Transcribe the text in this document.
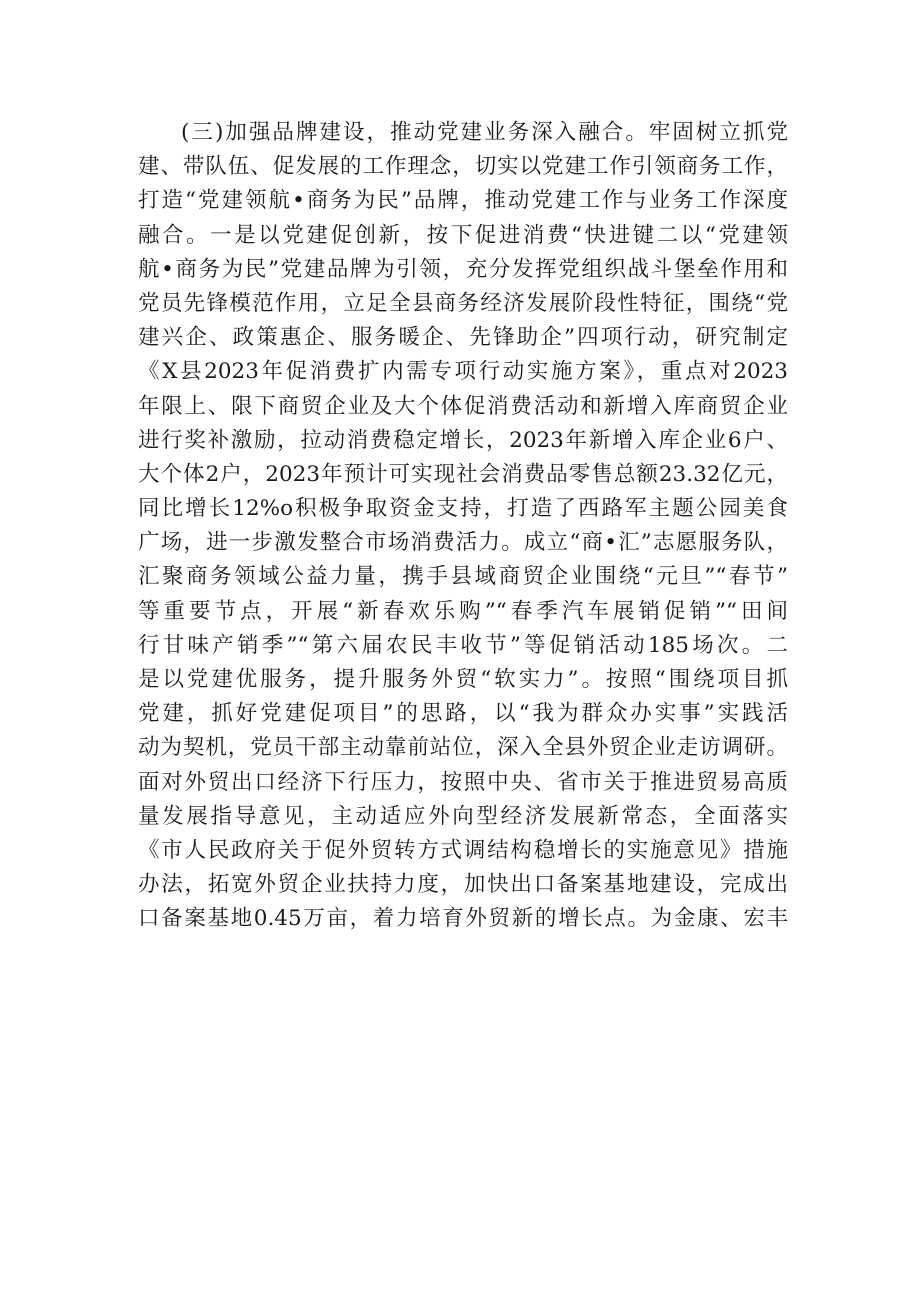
(三)加强品牌建设，推动党建业务深入融合。牢固树立抓党
建、带队伍、促发展的工作理念，切实以党建工作引领商务工作，
打造“党建领航•商务为民”品牌，推动党建工作与业务工作深度
融合。一是以党建促创新，按下促进消费“快进键二以“党建领
航•商务为民”党建品牌为引领，充分发挥党组织战斗堡垒作用和
党员先锋模范作用，立足全县商务经济发展阶段性特征，围绕“党
建兴企、政策惠企、服务暖企、先锋助企”四项行动，研究制定
《X县2023年促消费扩内需专项行动实施方案》，重点对2023
年限上、限下商贸企业及大个体促消费活动和新增入库商贸企业
进行奖补激励，拉动消费稳定增长，2023年新增入库企业6户、
大个体2户，2023年预计可实现社会消费品零售总额23.32亿元，
同比增长12%o积极争取资金支持，打造了西路军主题公园美食
广场，进一步激发整合市场消费活力。成立“商•汇”志愿服务队，
汇聚商务领域公益力量，携手县域商贸企业围绕“元旦”“春节”
等重要节点，开展“新春欢乐购”“春季汽车展销促销”“田间
行甘味产销季”“第六届农民丰收节”等促销活动185场次。二
是以党建优服务，提升服务外贸“软实力”。按照“围绕项目抓
党建，抓好党建促项目”的思路，以“我为群众办实事”实践活
动为契机，党员干部主动靠前站位，深入全县外贸企业走访调研。
面对外贸出口经济下行压力，按照中央、省市关于推进贸易高质
量发展指导意见，主动适应外向型经济发展新常态，全面落实
《市人民政府关于促外贸转方式调结构稳增长的实施意见》措施
办法，拓宽外贸企业扶持力度，加快出口备案基地建设，完成出
口备案基地0.45万亩，着力培育外贸新的增长点。为金康、宏丰
